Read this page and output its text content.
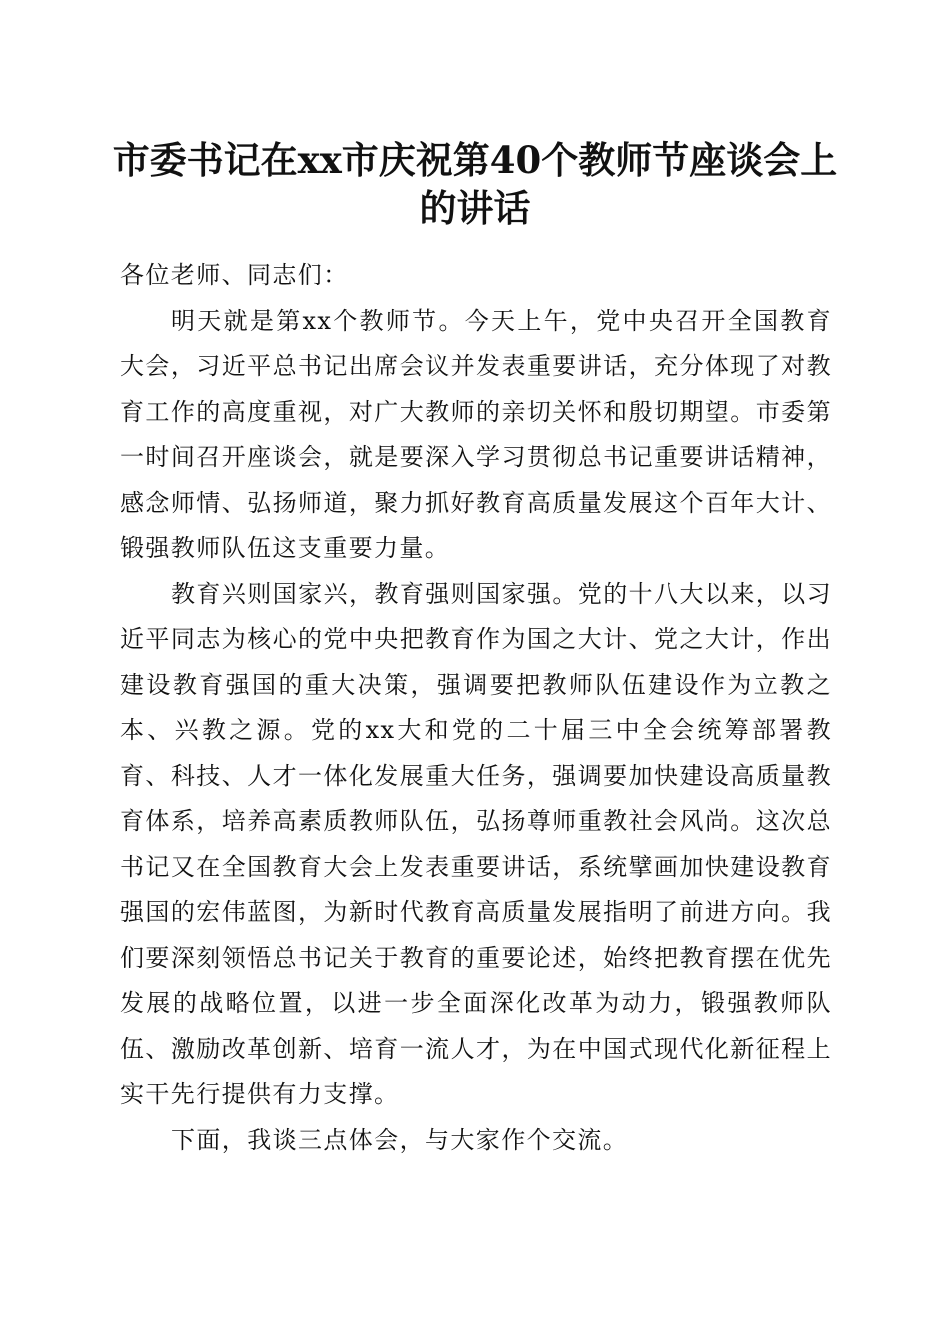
市委书记在xx市庆祝第40个教师节座谈会上
的讲话

各位老师、同志们：

明天就是第xx个教师节。今天上午，党中央召开全国教育大会，习近平总书记出席会议并发表重要讲话，充分体现了对教育工作的高度重视，对广大教师的亲切关怀和殷切期望。市委第一时间召开座谈会，就是要深入学习贯彻总书记重要讲话精神，感念师情、弘扬师道，聚力抓好教育高质量发展这个百年大计、锻强教师队伍这支重要力量。

教育兴则国家兴，教育强则国家强。党的十八大以来，以习近平同志为核心的党中央把教育作为国之大计、党之大计，作出建设教育强国的重大决策，强调要把教师队伍建设作为立教之本、兴教之源。党的xx大和党的二十届三中全会统筹部署教育、科技、人才一体化发展重大任务，强调要加快建设高质量教育体系，培养高素质教师队伍，弘扬尊师重教社会风尚。这次总书记又在全国教育大会上发表重要讲话，系统擘画加快建设教育强国的宏伟蓝图，为新时代教育高质量发展指明了前进方向。我们要深刻领悟总书记关于教育的重要论述，始终把教育摆在优先发展的战略位置，以进一步全面深化改革为动力，锻强教师队伍、激励改革创新、培育一流人才，为在中国式现代化新征程上实干先行提供有力支撑。

下面，我谈三点体会，与大家作个交流。
